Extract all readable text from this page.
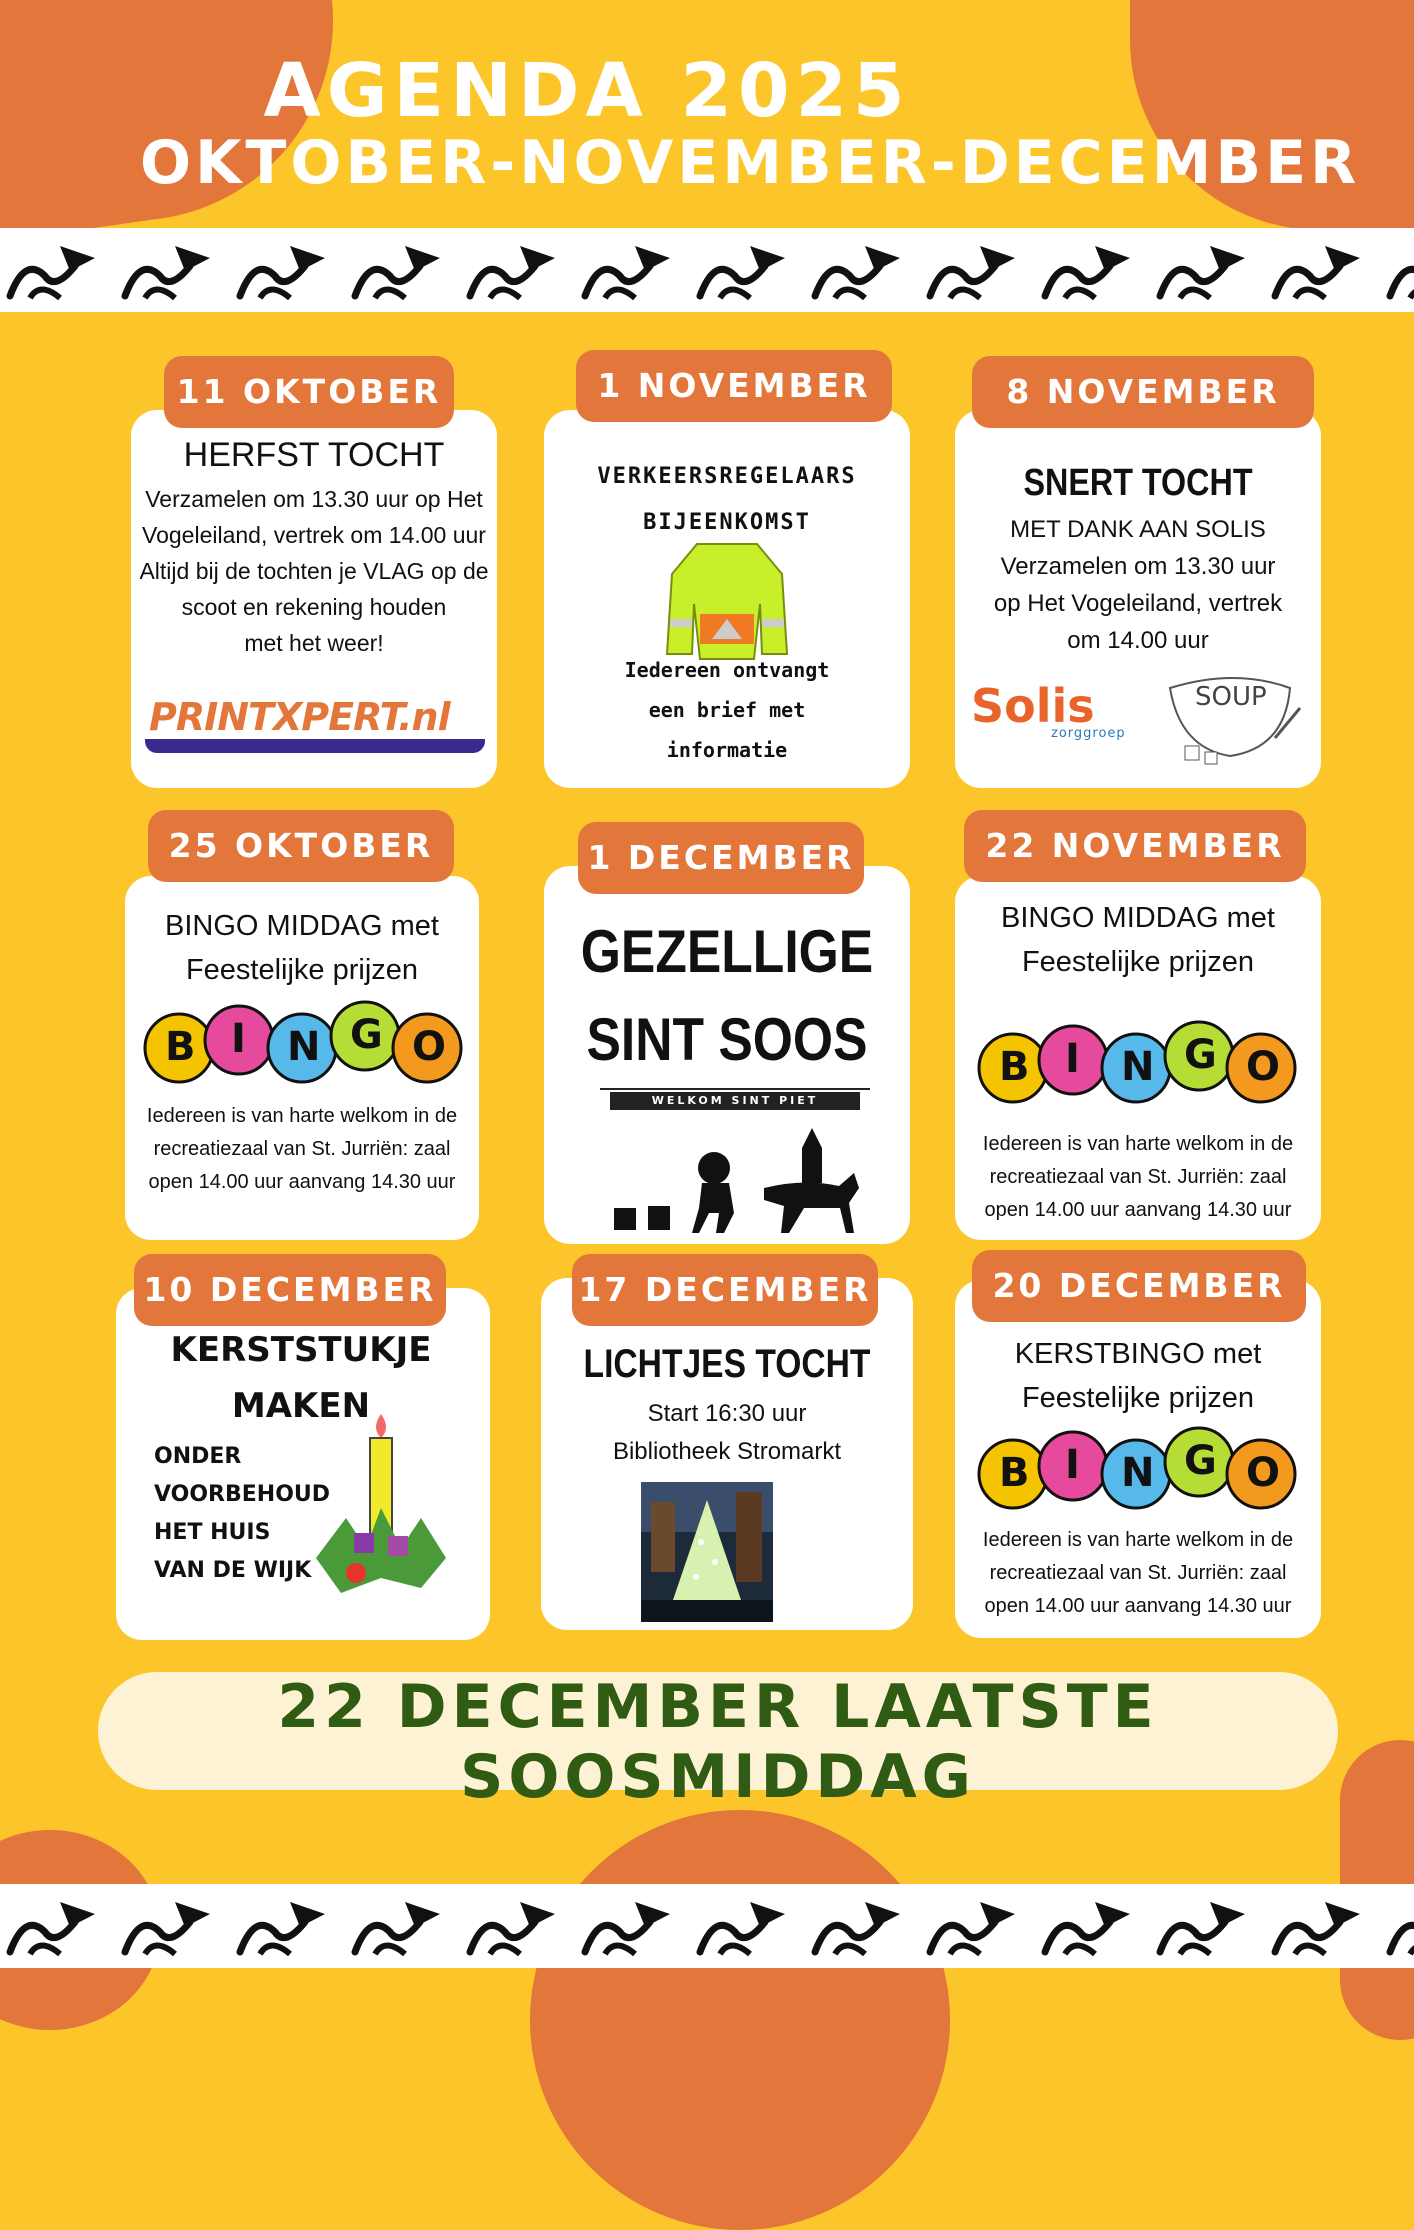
AGENDA 2025
OKTOBER-NOVEMBER-DECEMBER
HERFST TOCHT
Verzamelen om 13.30 uur op Het
Vogeleiland, vertrek om 14.00 uur
Altijd bij de tochten je VLAG op de
scoot en rekening houden
met het weer!
PRINTXPERT.nl
11 OKTOBER
VERKEERSREGELAARS
BIJEENKOMST
Iedereen ontvangt
een brief met
informatie
1 NOVEMBER
SNERT TOCHT
MET DANK AAN SOLIS
Verzamelen om 13.30 uur
op Het Vogeleiland, vertrek
om 14.00 uur
Solis
zorggroep
SOUP
8 NOVEMBER
BINGO MIDDAG met
Feestelijke prijzen
B I N G O
Iedereen is van harte welkom in de
recreatiezaal van St. Jurriën: zaal
open 14.00 uur aanvang 14.30 uur
25 OKTOBER
GEZELLIGE
SINT SOOS
WELKOM SINT PIET
1 DECEMBER
BINGO MIDDAG met
Feestelijke prijzen
B I N G O
Iedereen is van harte welkom in de
recreatiezaal van St. Jurriën: zaal
open 14.00 uur aanvang 14.30 uur
22 NOVEMBER
KERSTSTUKJE
MAKEN
ONDER
VOORBEHOUD
HET HUIS
VAN DE WIJK
10 DECEMBER
LICHTJES TOCHT
Start 16:30 uur
Bibliotheek Stromarkt
17 DECEMBER
KERSTBINGO met
Feestelijke prijzen
B I N G O
Iedereen is van harte welkom in de
recreatiezaal van St. Jurriën: zaal
open 14.00 uur aanvang 14.30 uur
20 DECEMBER
22 DECEMBER LAATSTE SOOSMIDDAG
